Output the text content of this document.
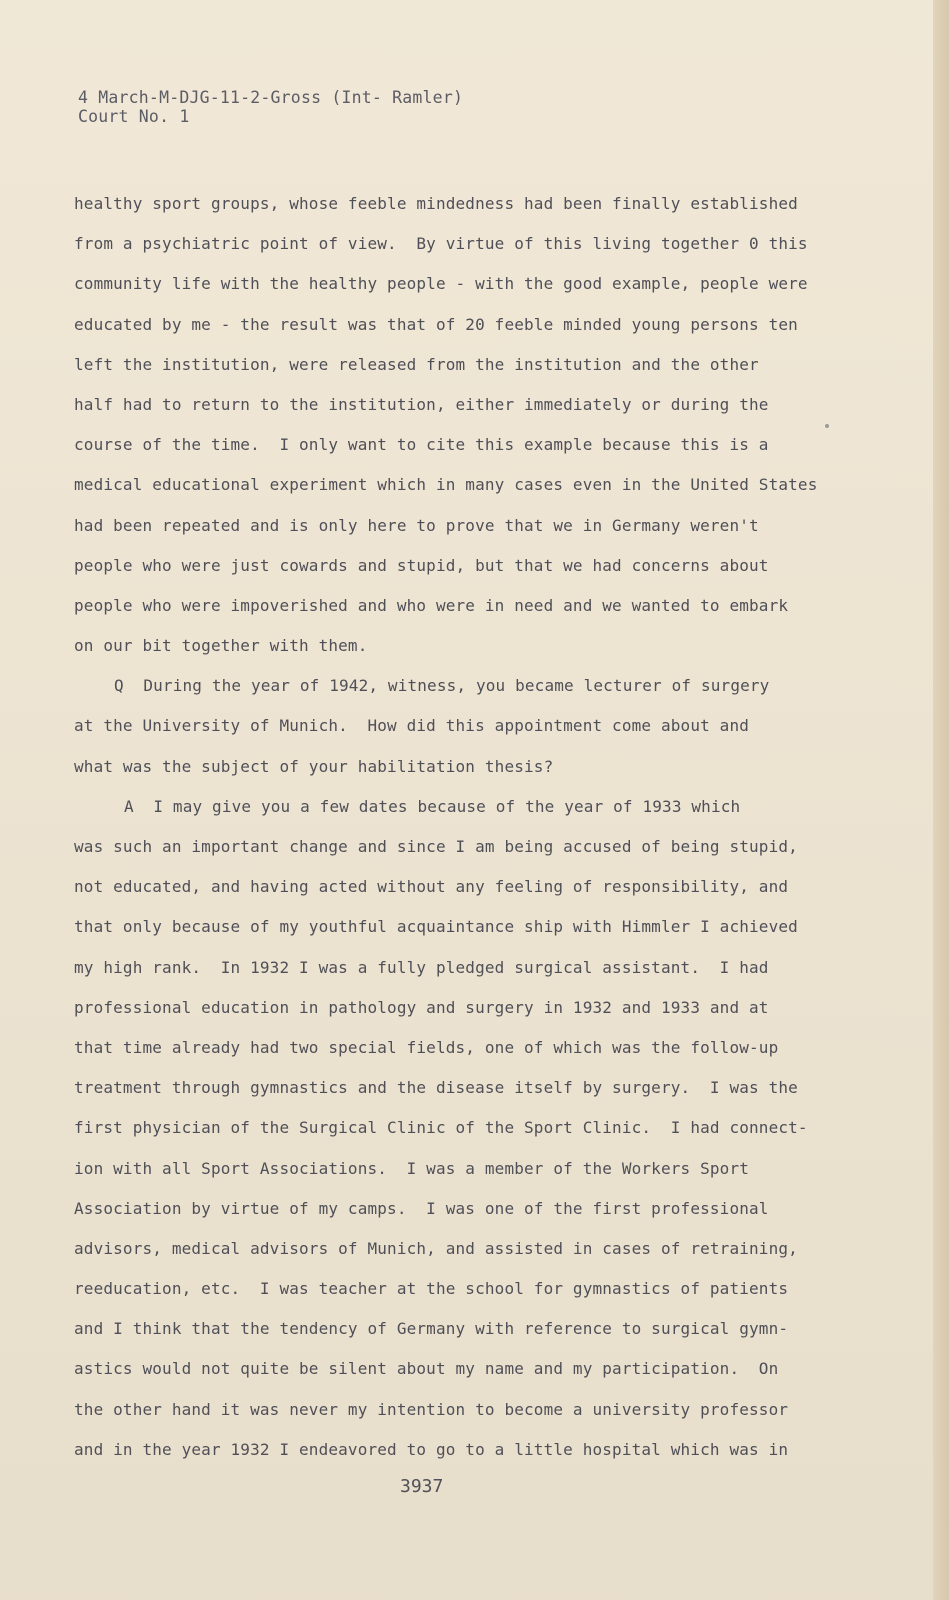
4 March-M-DJG-11-2-Gross (Int- Ramler)
Court No. 1
healthy sport groups, whose feeble mindedness had been finally established
from a psychiatric point of view.  By virtue of this living together 0 this
community life with the healthy people - with the good example, people were
educated by me - the result was that of 20 feeble minded young persons ten
left the institution, were released from the institution and the other
half had to return to the institution, either immediately or during the
course of the time.  I only want to cite this example because this is a
medical educational experiment which in many cases even in the United States
had been repeated and is only here to prove that we in Germany weren't
people who were just cowards and stupid, but that we had concerns about
people who were impoverished and who were in need and we wanted to embark
on our bit together with them.
Q  During the year of 1942, witness, you became lecturer of surgery
at the University of Munich.  How did this appointment come about and
what was the subject of your habilitation thesis?
A  I may give you a few dates because of the year of 1933 which
was such an important change and since I am being accused of being stupid,
not educated, and having acted without any feeling of responsibility, and
that only because of my youthful acquaintance ship with Himmler I achieved
my high rank.  In 1932 I was a fully pledged surgical assistant.  I had
professional education in pathology and surgery in 1932 and 1933 and at
that time already had two special fields, one of which was the follow-up
treatment through gymnastics and the disease itself by surgery.  I was the
first physician of the Surgical Clinic of the Sport Clinic.  I had connect-
ion with all Sport Associations.  I was a member of the Workers Sport
Association by virtue of my camps.  I was one of the first professional
advisors, medical advisors of Munich, and assisted in cases of retraining,
reeducation, etc.  I was teacher at the school for gymnastics of patients
and I think that the tendency of Germany with reference to surgical gymn-
astics would not quite be silent about my name and my participation.  On
the other hand it was never my intention to become a university professor
and in the year 1932 I endeavored to go to a little hospital which was in
3937
